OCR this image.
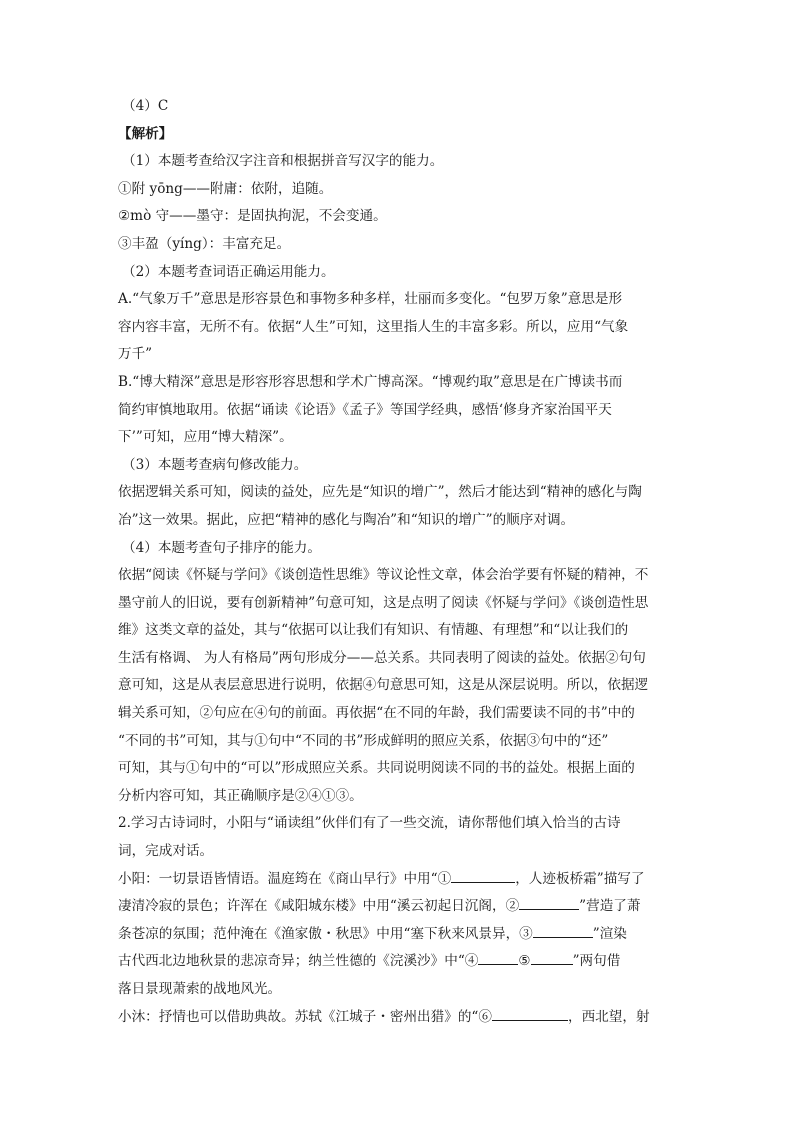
（4）C
【解析】
（1）本题考查给汉字注音和根据拼音写汉字的能力。
①附 yōng——附庸：依附，追随。
②mò 守——墨守：是固执拘泥，不会变通。
③丰盈（yíng）：丰富充足。
（2）本题考查词语正确运用能力。
A.“气象万千”意思是形容景色和事物多种多样，壮丽而多变化。“包罗万象”意思是形
容内容丰富，无所不有。依据“人生”可知，这里指人生的丰富多彩。所以，应用“气象
万千”
B.“博大精深”意思是形容形容思想和学术广博高深。“博观约取”意思是在广博读书而
简约审慎地取用。依据“诵读《论语》《孟子》等国学经典，感悟‘修身齐家治国平天
下’”可知，应用“博大精深”。
（3）本题考查病句修改能力。
依据逻辑关系可知，阅读的益处，应先是“知识的增广”，然后才能达到“精神的感化与陶
冶”这一效果。据此，应把“精神的感化与陶冶”和“知识的增广”的顺序对调。
（4）本题考查句子排序的能力。
依据“阅读《怀疑与学问》《谈创造性思维》等议论性文章，体会治学要有怀疑的精神，不
墨守前人的旧说，要有创新精神”句意可知，这是点明了阅读《怀疑与学问》《谈创造性思
维》这类文章的益处，其与“依据可以让我们有知识、有情趣、有理想”和“以让我们的
生活有格调、 为人有格局”两句形成分——总关系。共同表明了阅读的益处。依据②句句
意可知，这是从表层意思进行说明，依据④句意思可知，这是从深层说明。所以，依据逻
辑关系可知，②句应在④句的前面。再依据“在不同的年龄，我们需要读不同的书”中的
“不同的书”可知，其与①句中“不同的书”形成鲜明的照应关系，依据③句中的“还”
可知，其与①句中的“可以”形成照应关系。共同说明阅读不同的书的益处。根据上面的
分析内容可知，其正确顺序是②④①③。
2.学习古诗词时，小阳与“诵读组”伙伴们有了一些交流，请你帮他们填入恰当的古诗
词，完成对话。
小阳：一切景语皆情语。温庭筠在《商山早行》中用“①	，人迹板桥霜”描写了
凄清冷寂的景色；许浑在《咸阳城东楼》中用“溪云初起日沉阁，②	”营造了萧
条苍凉的氛围；范仲淹在《渔家傲・秋思》中用“塞下秋来风景异，③	”渲染
古代西北边地秋景的悲凉奇异；纳兰性德的《浣溪沙》中“④	⑤	”两句借
落日景现萧索的战地风光。
小沐：抒情也可以借助典故。苏轼《江城子・密州出猎》的“⑥	，西北望，射
